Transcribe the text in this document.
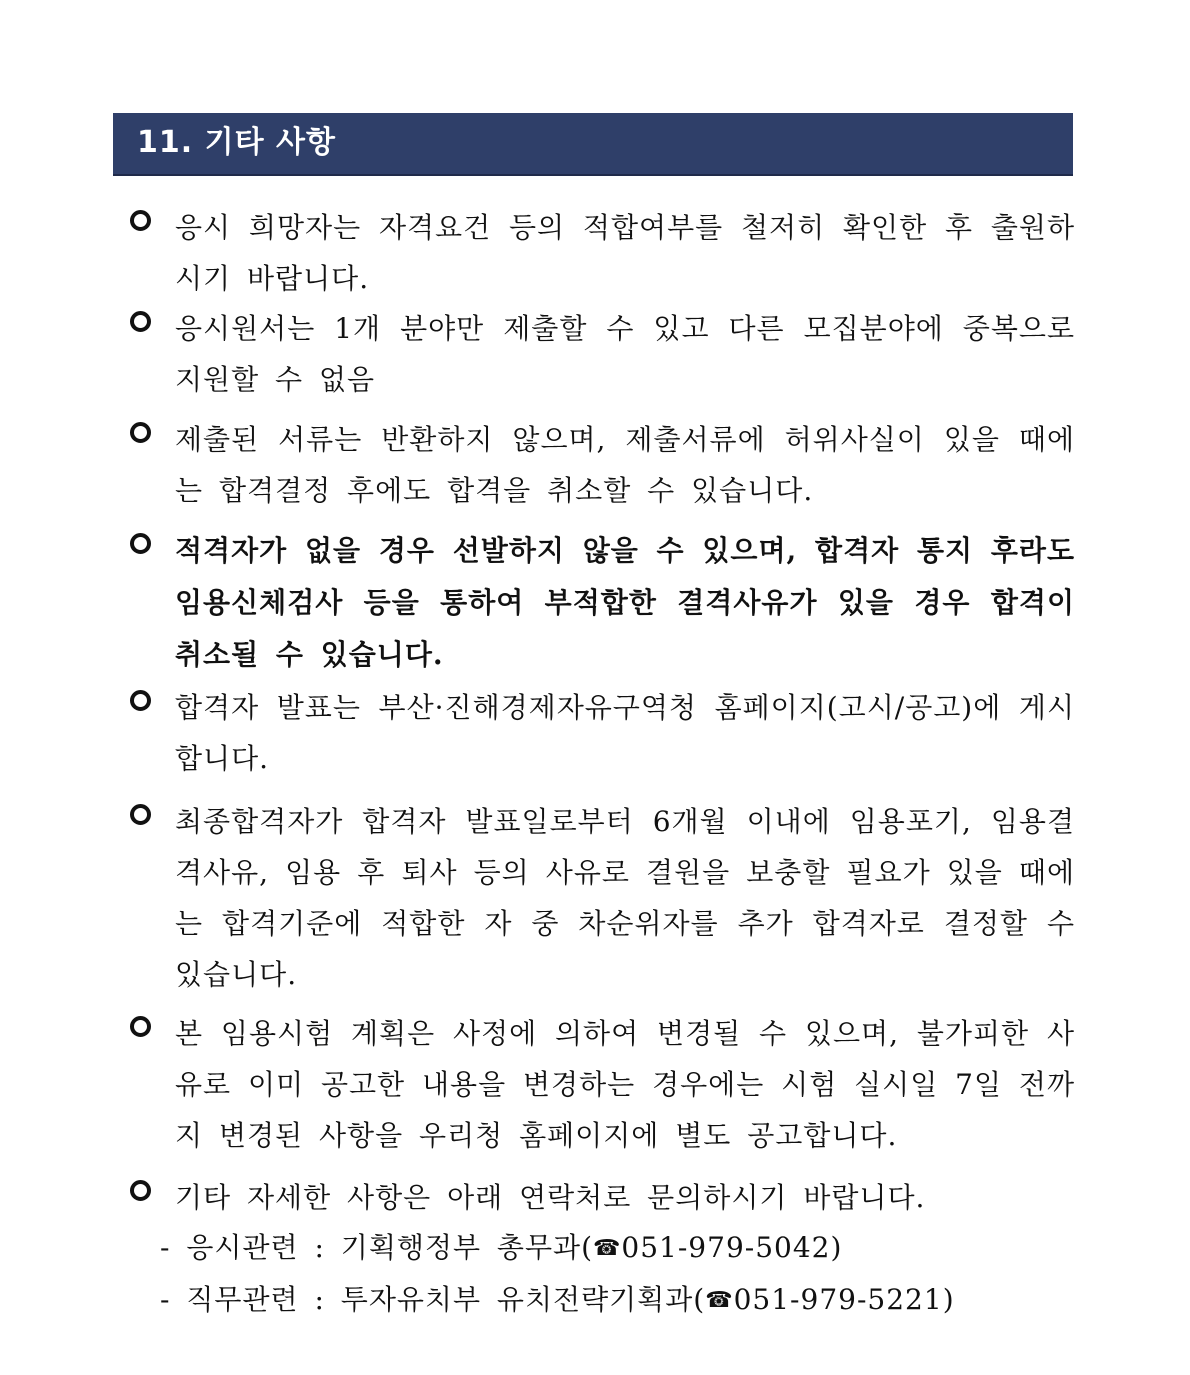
11. 기타 사항
응시 희망자는 자격요건 등의 적합여부를 철저히 확인한 후 출원하시기 바랍니다.
응시원서는 1개 분야만 제출할 수 있고 다른 모집분야에 중복으로 지원할 수 없음
제출된 서류는 반환하지 않으며, 제출서류에 허위사실이 있을 때에는 합격결정 후에도 합격을 취소할 수 있습니다.
적격자가 없을 경우 선발하지 않을 수 있으며, 합격자 통지 후라도 임용신체검사 등을 통하여 부적합한 결격사유가 있을 경우 합격이 취소될 수 있습니다.
합격자 발표는 부산·진해경제자유구역청 홈페이지(고시/공고)에 게시합니다.
최종합격자가 합격자 발표일로부터 6개월 이내에 임용포기, 임용결격사유, 임용 후 퇴사 등의 사유로 결원을 보충할 필요가 있을 때에는 합격기준에 적합한 자 중 차순위자를 추가 합격자로 결정할 수 있습니다.
본 임용시험 계획은 사정에 의하여 변경될 수 있으며, 불가피한 사유로 이미 공고한 내용을 변경하는 경우에는 시험 실시일 7일 전까지 변경된 사항을 우리청 홈페이지에 별도 공고합니다.
기타 자세한 사항은 아래 연락처로 문의하시기 바랍니다.
- 응시관련 : 기획행정부 총무과(☎051-979-5042)
- 직무관련 : 투자유치부 유치전략기획과(☎051-979-5221)
